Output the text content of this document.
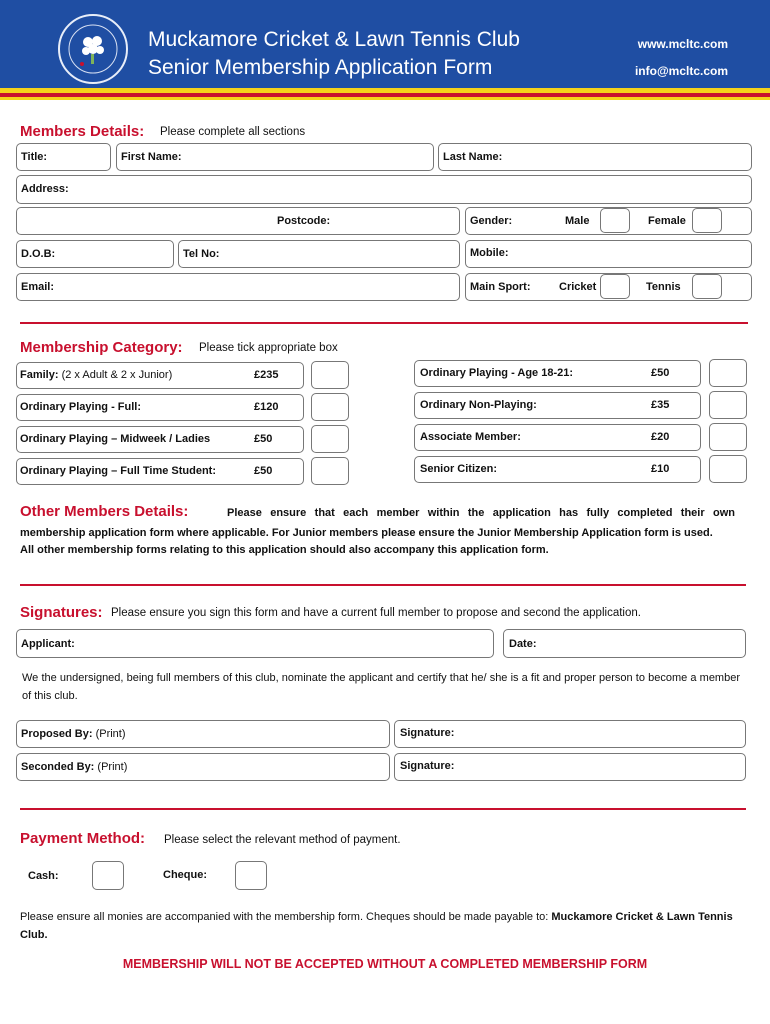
Muckamore Cricket & Lawn Tennis Club
Senior Membership Application Form
www.mcltc.com
info@mcltc.com
Members Details: Please complete all sections
Title:	First Name:	Last Name:
Address:
Postcode:	Gender:	Male	Female
D.O.B:	Tel No:	Mobile:
Email:	Main Sport:	Cricket	Tennis
Membership Category: Please tick appropriate box
Family: (2 x Adult & 2 x Junior)	£235
Ordinary Playing - Full:	£120
Ordinary Playing – Midweek / Ladies	£50
Ordinary Playing – Full Time Student:	£50
Ordinary Playing - Age 18-21:	£50
Ordinary Non-Playing:	£35
Associate Member:	£20
Senior Citizen:	£10
Other Members Details:	Please ensure that each member within the application has fully completed their own
membership application form where applicable. For Junior members please ensure the Junior Membership Application form is used.
All other membership forms relating to this application should also accompany this application form.
Signatures: Please ensure you sign this form and have a current full member to propose and second the application.
Applicant:	Date:
We the undersigned, being full members of this club, nominate the applicant and certify that he/ she is a fit and proper person to become a member of this club.
Proposed By: (Print)	Signature:
Seconded By: (Print)	Signature:
Payment Method: Please select the relevant method of payment.
Cash:	Cheque:
Please ensure all monies are accompanied with the membership form. Cheques should be made payable to: Muckamore Cricket & Lawn Tennis Club.
MEMBERSHIP WILL NOT BE ACCEPTED WITHOUT A COMPLETED MEMBERSHIP FORM
